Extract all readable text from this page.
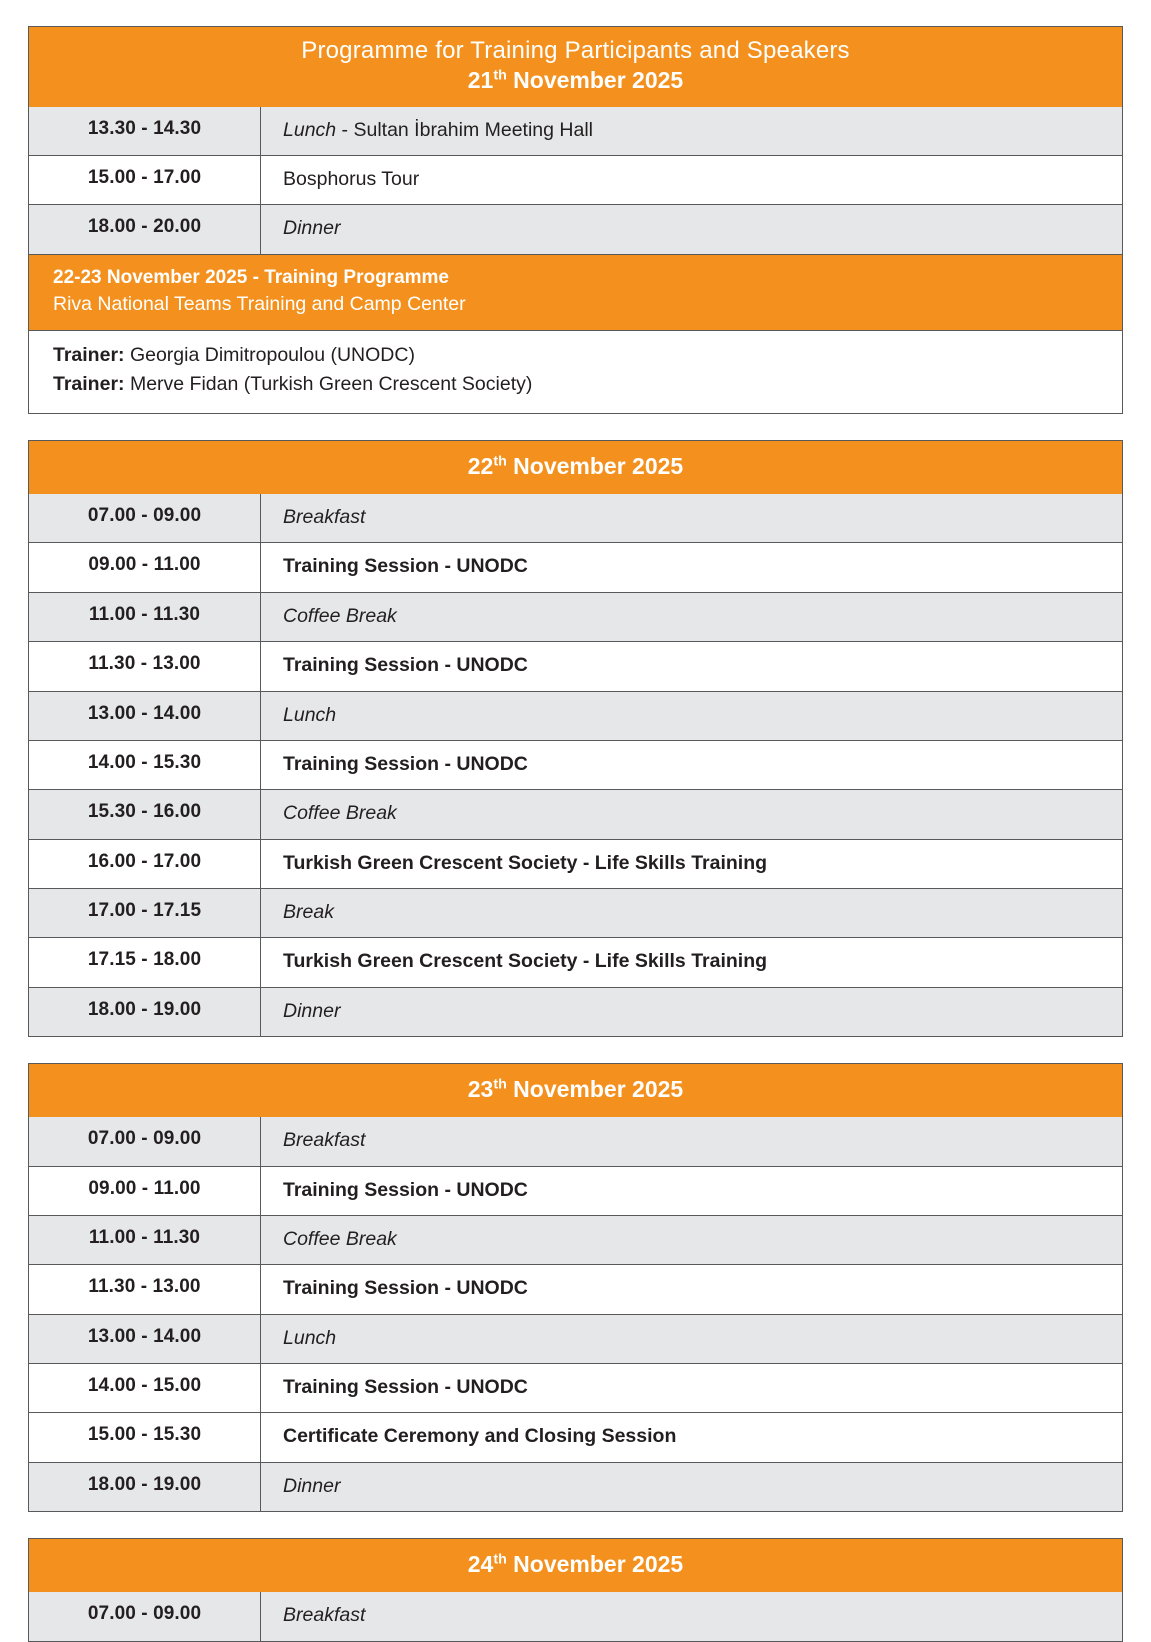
Programme for Training Participants and Speakers
21th November 2025
13.30 - 14.30	Lunch - Sultan İbrahim Meeting Hall
15.00 - 17.00	Bosphorus Tour
18.00 - 20.00	Dinner
22-23 November 2025 - Training Programme
Riva National Teams Training and Camp Center
Trainer: Georgia Dimitropoulou (UNODC)
Trainer: Merve Fidan (Turkish Green Crescent Society)
22th November 2025
07.00 - 09.00	Breakfast
09.00 - 11.00	Training Session - UNODC
11.00 - 11.30	Coffee Break
11.30 - 13.00	Training Session - UNODC
13.00 - 14.00	Lunch
14.00 - 15.30	Training Session - UNODC
15.30 - 16.00	Coffee Break
16.00 - 17.00	Turkish Green Crescent Society - Life Skills Training
17.00 - 17.15	Break
17.15 - 18.00	Turkish Green Crescent Society - Life Skills Training
18.00 - 19.00	Dinner
23th November 2025
07.00 - 09.00	Breakfast
09.00 - 11.00	Training Session - UNODC
11.00 - 11.30	Coffee Break
11.30 - 13.00	Training Session - UNODC
13.00 - 14.00	Lunch
14.00 - 15.00	Training Session - UNODC
15.00 - 15.30	Certificate Ceremony and Closing Session
18.00 - 19.00	Dinner
24th November 2025
07.00 - 09.00	Breakfast
